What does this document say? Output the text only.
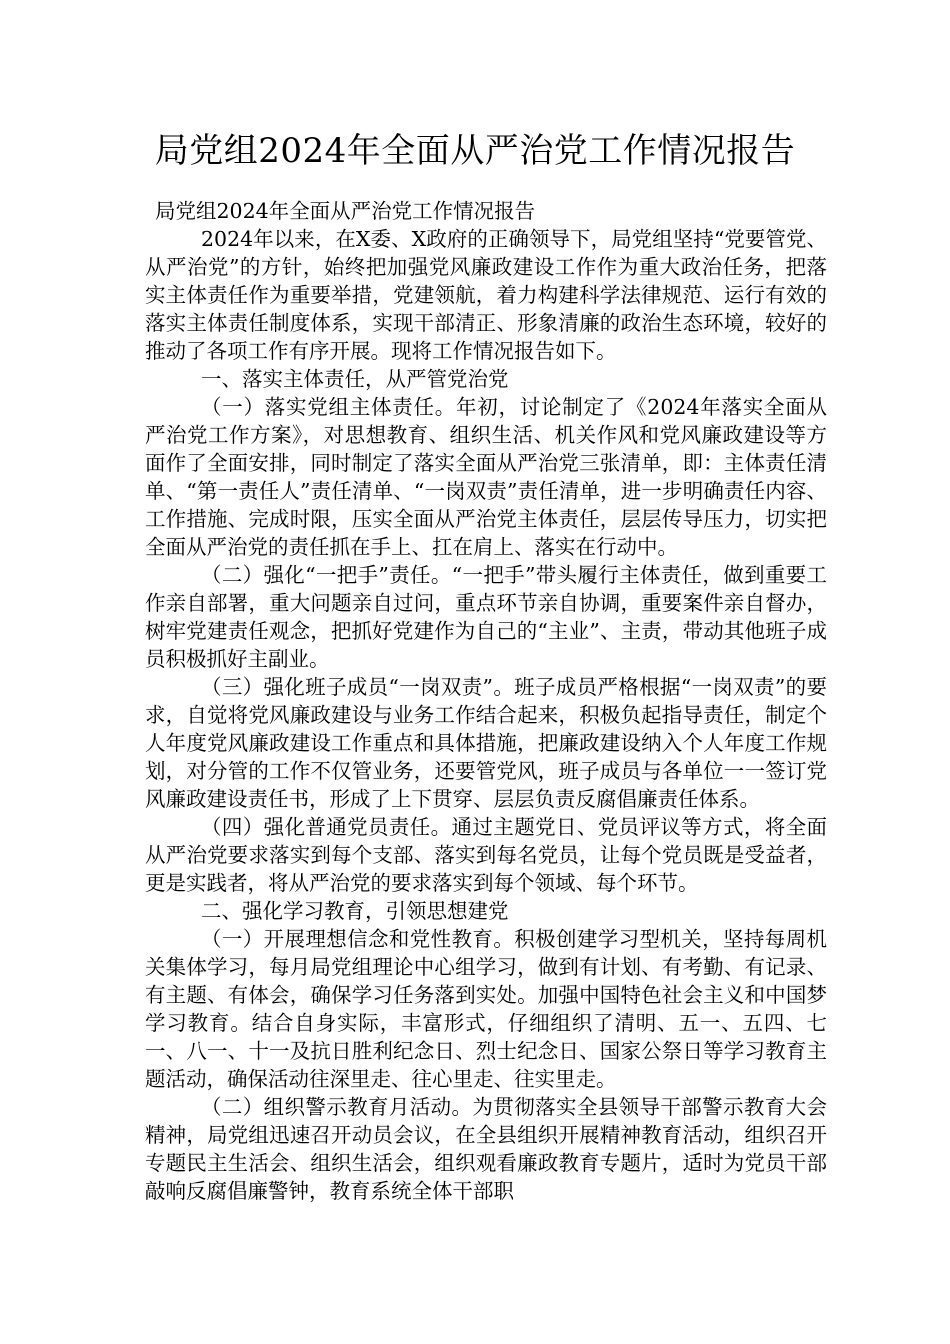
局党组2024年全面从严治党工作情况报告

局党组2024年全面从严治党工作情况报告

2024年以来，在X委、X政府的正确领导下，局党组坚持“党要管党、从严治党”的方针，始终把加强党风廉政建设工作作为重大政治任务，把落实主体责任作为重要举措，党建领航，着力构建科学法律规范、运行有效的落实主体责任制度体系，实现干部清正、形象清廉的政治生态环境，较好的推动了各项工作有序开展。现将工作情况报告如下。

一、落实主体责任，从严管党治党

（一）落实党组主体责任。年初，讨论制定了《2024年落实全面从严治党工作方案》，对思想教育、组织生活、机关作风和党风廉政建设等方面作了全面安排，同时制定了落实全面从严治党三张清单，即：主体责任清单、“第一责任人”责任清单、“一岗双责”责任清单，进一步明确责任内容、工作措施、完成时限，压实全面从严治党主体责任，层层传导压力，切实把全面从严治党的责任抓在手上、扛在肩上、落实在行动中。

（二）强化“一把手”责任。“一把手”带头履行主体责任，做到重要工作亲自部署，重大问题亲自过问，重点环节亲自协调，重要案件亲自督办，树牢党建责任观念，把抓好党建作为自己的“主业”、主责，带动其他班子成员积极抓好主副业。

（三）强化班子成员“一岗双责”。班子成员严格根据“一岗双责”的要求，自觉将党风廉政建设与业务工作结合起来，积极负起指导责任，制定个人年度党风廉政建设工作重点和具体措施，把廉政建设纳入个人年度工作规划，对分管的工作不仅管业务，还要管党风，班子成员与各单位一一签订党风廉政建设责任书，形成了上下贯穿、层层负责反腐倡廉责任体系。

（四）强化普通党员责任。通过主题党日、党员评议等方式，将全面从严治党要求落实到每个支部、落实到每名党员，让每个党员既是受益者，更是实践者，将从严治党的要求落实到每个领域、每个环节。

二、强化学习教育，引领思想建党

（一）开展理想信念和党性教育。积极创建学习型机关，坚持每周机关集体学习，每月局党组理论中心组学习，做到有计划、有考勤、有记录、有主题、有体会，确保学习任务落到实处。加强中国特色社会主义和中国梦学习教育。结合自身实际，丰富形式，仔细组织了清明、五一、五四、七一、八一、十一及抗日胜利纪念日、烈士纪念日、国家公祭日等学习教育主题活动，确保活动往深里走、往心里走、往实里走。

（二）组织警示教育月活动。为贯彻落实全县领导干部警示教育大会精神，局党组迅速召开动员会议，在全县组织开展精神教育活动，组织召开专题民主生活会、组织生活会，组织观看廉政教育专题片，适时为党员干部敲响反腐倡廉警钟，教育系统全体干部职
